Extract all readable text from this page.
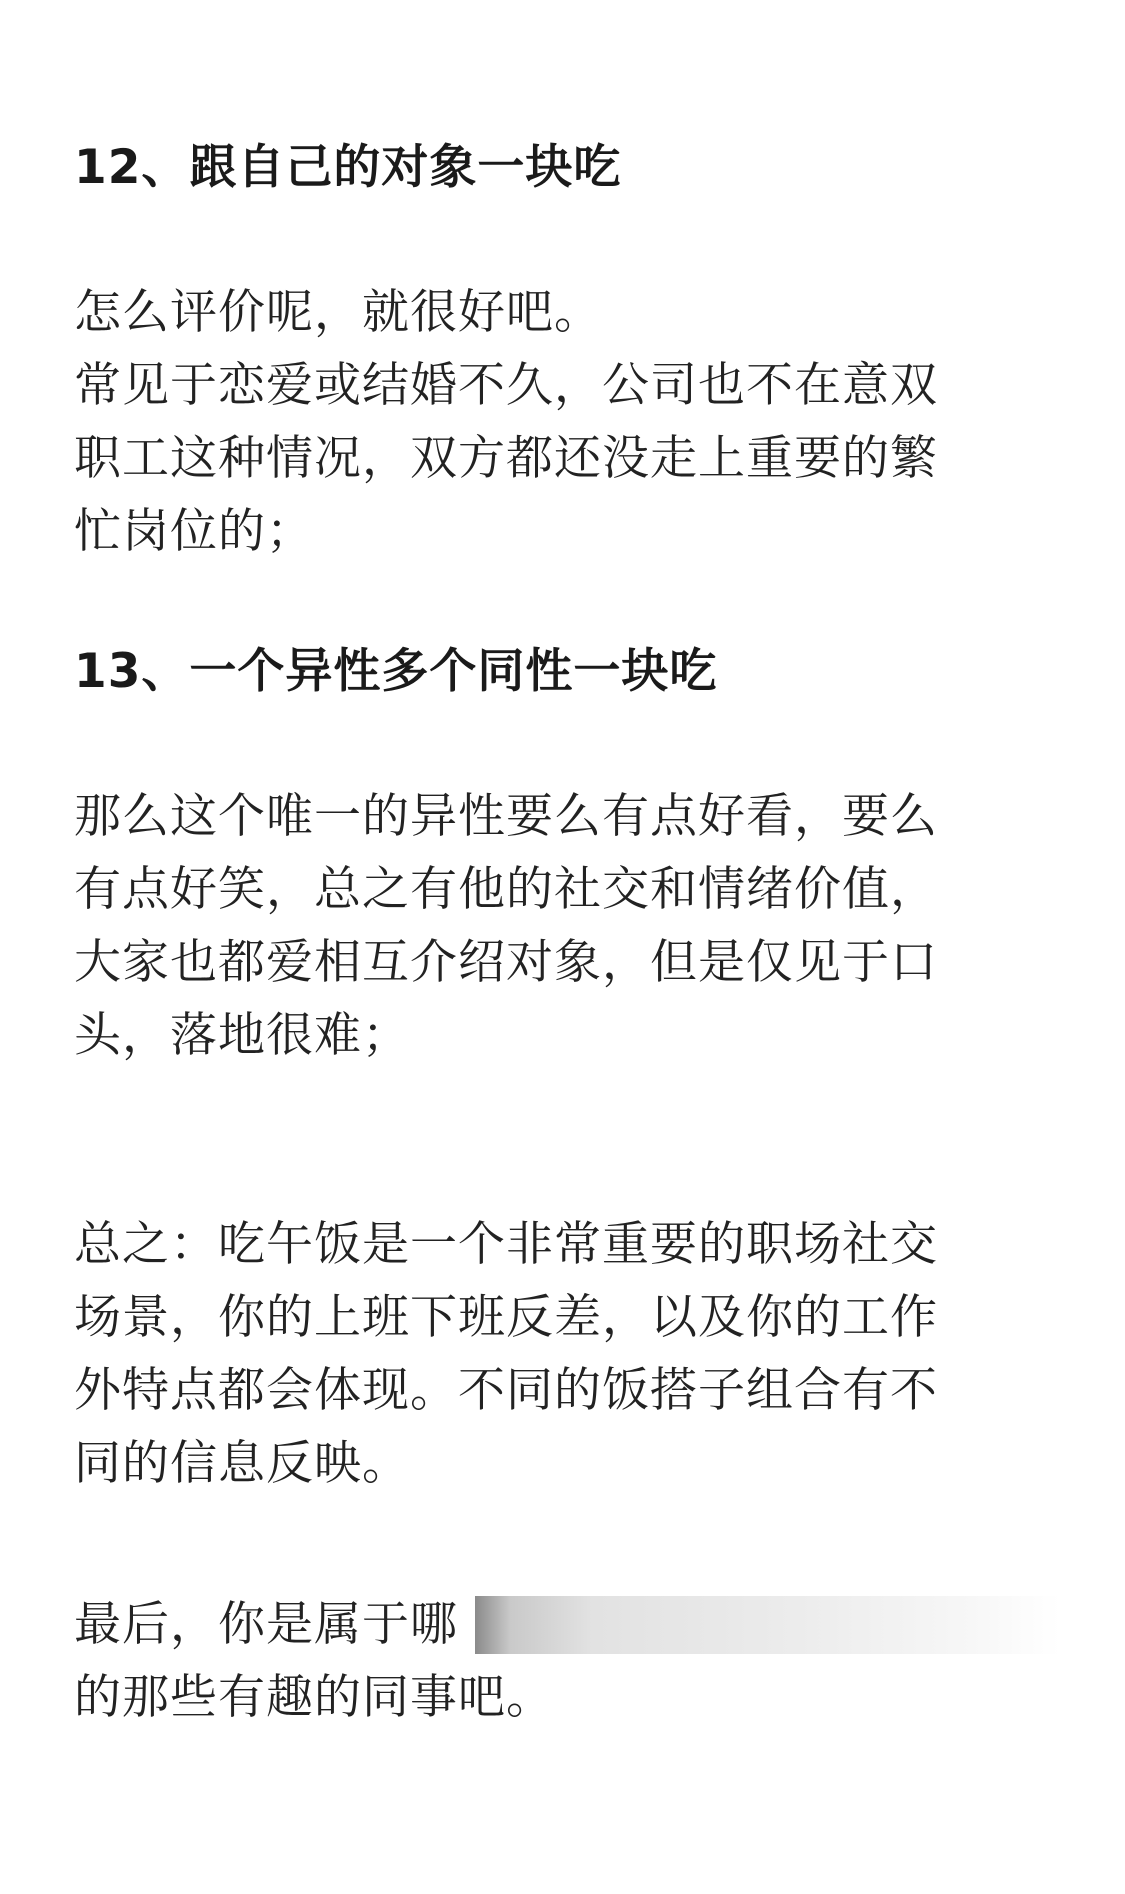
12、跟自己的对象一块吃
怎么评价呢，就很好吧。
常见于恋爱或结婚不久，公司也不在意双
职工这种情况，双方都还没走上重要的繁
忙岗位的；
13、一个异性多个同性一块吃
那么这个唯一的异性要么有点好看，要么
有点好笑，总之有他的社交和情绪价值，
大家也都爱相互介绍对象，但是仅见于口
头，落地很难；
总之：吃午饭是一个非常重要的职场社交
场景，你的上班下班反差，以及你的工作
外特点都会体现。不同的饭搭子组合有不
同的信息反映。
最后，你是属于哪
的那些有趣的同事吧。
